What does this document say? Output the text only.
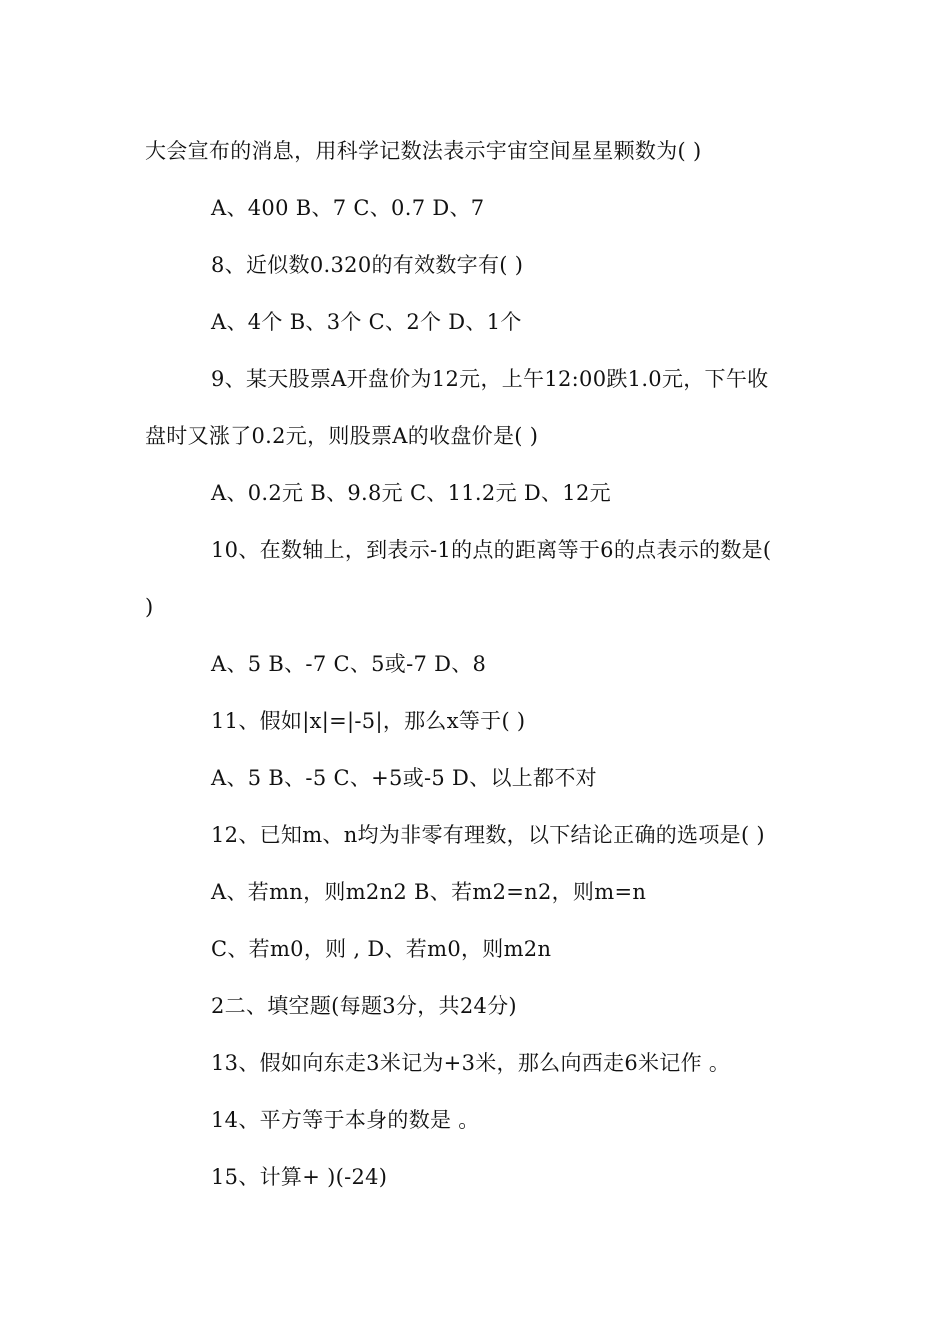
大会宣布的消息，用科学记数法表示宇宙空间星星颗数为( )
A、400 B、7 C、0.7 D、7
8、近似数0.320的有效数字有( )
A、4个 B、3个 C、2个 D、1个
9、某天股票A开盘价为12元，上午12:00跌1.0元，下午收
盘时又涨了0.2元，则股票A的收盘价是( )
A、0.2元 B、9.8元 C、11.2元 D、12元
10、在数轴上，到表示-1的点的距离等于6的点表示的数是(
)
A、5 B、-7 C、5或-7 D、8
11、假如|x|=|-5|，那么x等于( )
A、5 B、-5 C、+5或-5 D、以上都不对
12、已知m、n均为非零有理数，以下结论正确的选项是( )
A、若mn，则m2n2 B、若m2=n2，则m=n
C、若m0，则 , D、若m0，则m2n
2二、填空题(每题3分，共24分)
13、假如向东走3米记为+3米，那么向西走6米记作 。
14、平方等于本身的数是 。
15、计算+ )(-24)
